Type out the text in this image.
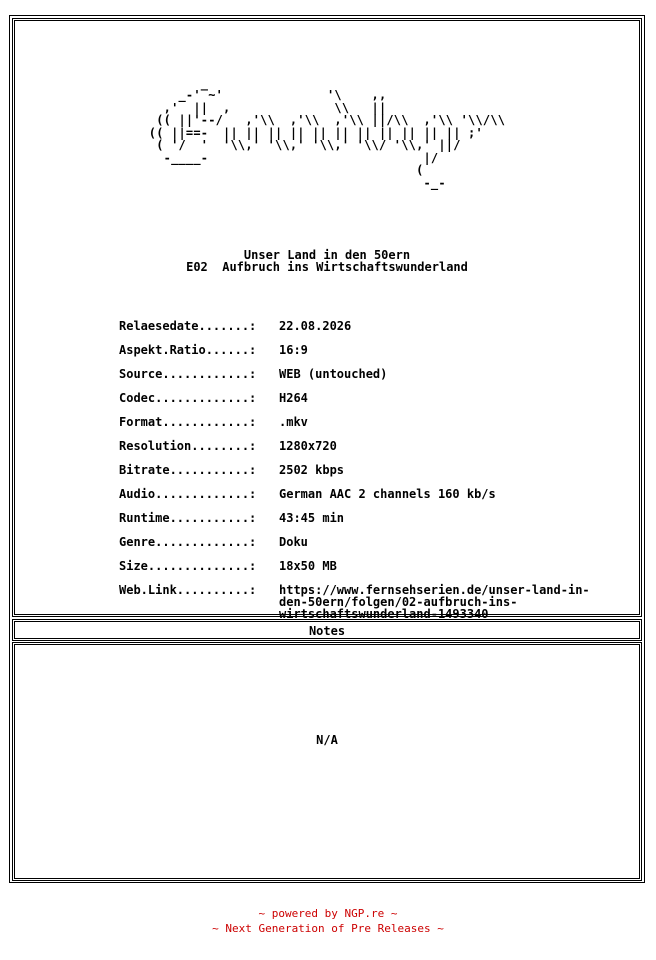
_-'‾~'              '\    ,,
,'  ||  ,              \\   ||
(( ||'--/   ,'\\  ,'\\  ,'\\ ||/\\  ,'\\ '\\/\\
(( ||==-  || || || || || || || || || || || ;'
( '/  '  '\\,' '\\,' '\\,' '\\/ '\\,' ||/
-____-                             |/
(
-_-
Unser Land in den 50ern
E02  Aufbruch ins Wirtschaftswunderland
Relaesedate.......:	22.08.2026
Aspekt.Ratio......:	16:9
Source............:	WEB (untouched)
Codec.............:	H264
Format............:	.mkv
Resolution........:	1280x720
Bitrate...........:	2502 kbps
Audio.............:	German AAC 2 channels 160 kb/s
Runtime...........:	43:45 min
Genre.............:	Doku
Size..............:	18x50 MB
Web.Link..........:	https://www.fernsehserien.de/unser-land-in-
den-50ern/folgen/02-aufbruch-ins-
wirtschaftswunderland-1493340
Notes
N/A
~ powered by NGP.re ~
~ Next Generation of Pre Releases ~
